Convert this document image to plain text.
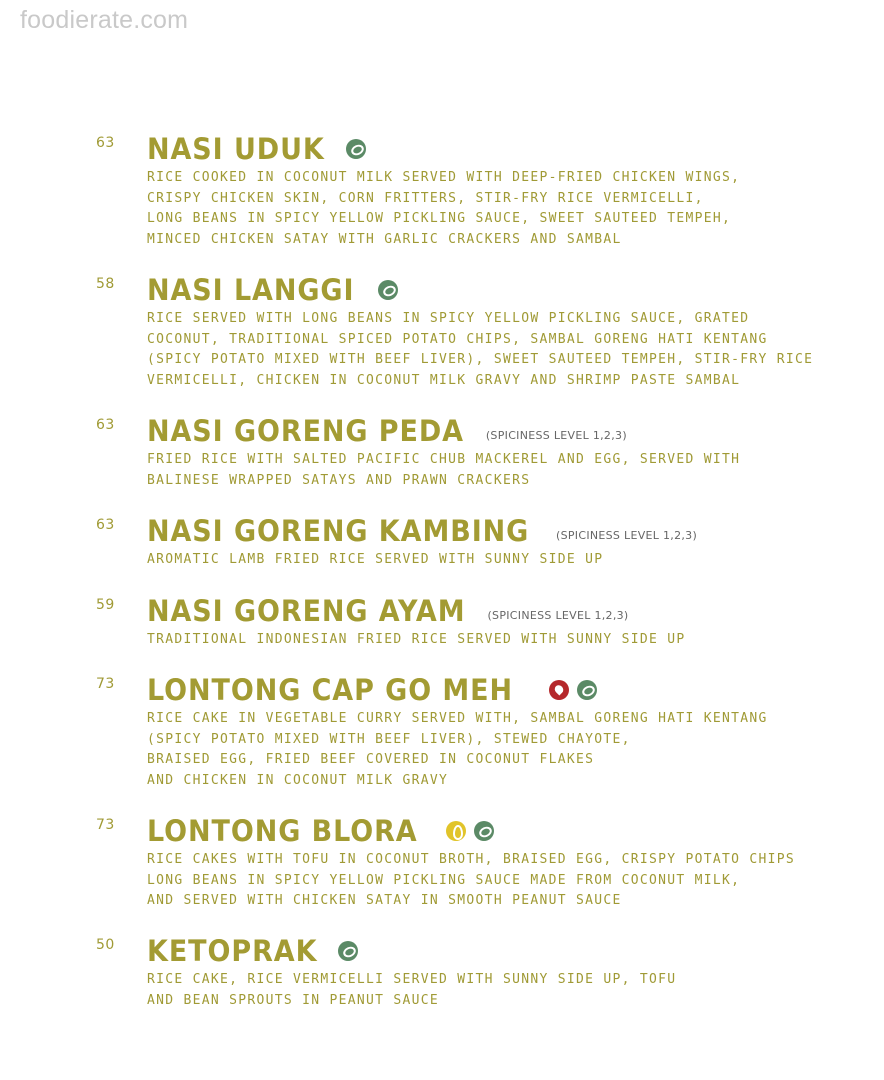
foodierate.com
63 NASI UDUK

RICE COOKED IN COCONUT MILK SERVED WITH DEEP-FRIED CHICKEN WINGS,
CRISPY CHICKEN SKIN, CORN FRITTERS, STIR-FRY RICE VERMICELLI,
LONG BEANS IN SPICY YELLOW PICKLING SAUCE, SWEET SAUTEED TEMPEH,
MINCED CHICKEN SATAY WITH GARLIC CRACKERS AND SAMBAL

58 NASI LANGGI

RICE SERVED WITH LONG BEANS IN SPICY YELLOW PICKLING SAUCE, GRATED
COCONUT, TRADITIONAL SPICED POTATO CHIPS, SAMBAL GORENG HATI KENTANG
(SPICY POTATO MIXED WITH BEEF LIVER), SWEET SAUTEED TEMPEH, STIR-FRY RICE
VERMICELLI, CHICKEN IN COCONUT MILK GRAVY AND SHRIMP PASTE SAMBAL

63 NASI GORENG PEDA (SPICINESS LEVEL 1,2,3)

FRIED RICE WITH SALTED PACIFIC CHUB MACKEREL AND EGG, SERVED WITH
BALINESE WRAPPED SATAYS AND PRAWN CRACKERS

63 NASI GORENG KAMBING (SPICINESS LEVEL 1,2,3)

AROMATIC LAMB FRIED RICE SERVED WITH SUNNY SIDE UP

59 NASI GORENG AYAM (SPICINESS LEVEL 1,2,3)

TRADITIONAL INDONESIAN FRIED RICE SERVED WITH SUNNY SIDE UP

73 LONTONG CAP GO MEH

RICE CAKE IN VEGETABLE CURRY SERVED WITH, SAMBAL GORENG HATI KENTANG
(SPICY POTATO MIXED WITH BEEF LIVER), STEWED CHAYOTE,
BRAISED EGG, FRIED BEEF COVERED IN COCONUT FLAKES
AND CHICKEN IN COCONUT MILK GRAVY

73 LONTONG BLORA

RICE CAKES WITH TOFU IN COCONUT BROTH, BRAISED EGG, CRISPY POTATO CHIPS
LONG BEANS IN SPICY YELLOW PICKLING SAUCE MADE FROM COCONUT MILK,
AND SERVED WITH CHICKEN SATAY IN SMOOTH PEANUT SAUCE

50 KETOPRAK

RICE CAKE, RICE VERMICELLI SERVED WITH SUNNY SIDE UP, TOFU
AND BEAN SPROUTS IN PEANUT SAUCE
